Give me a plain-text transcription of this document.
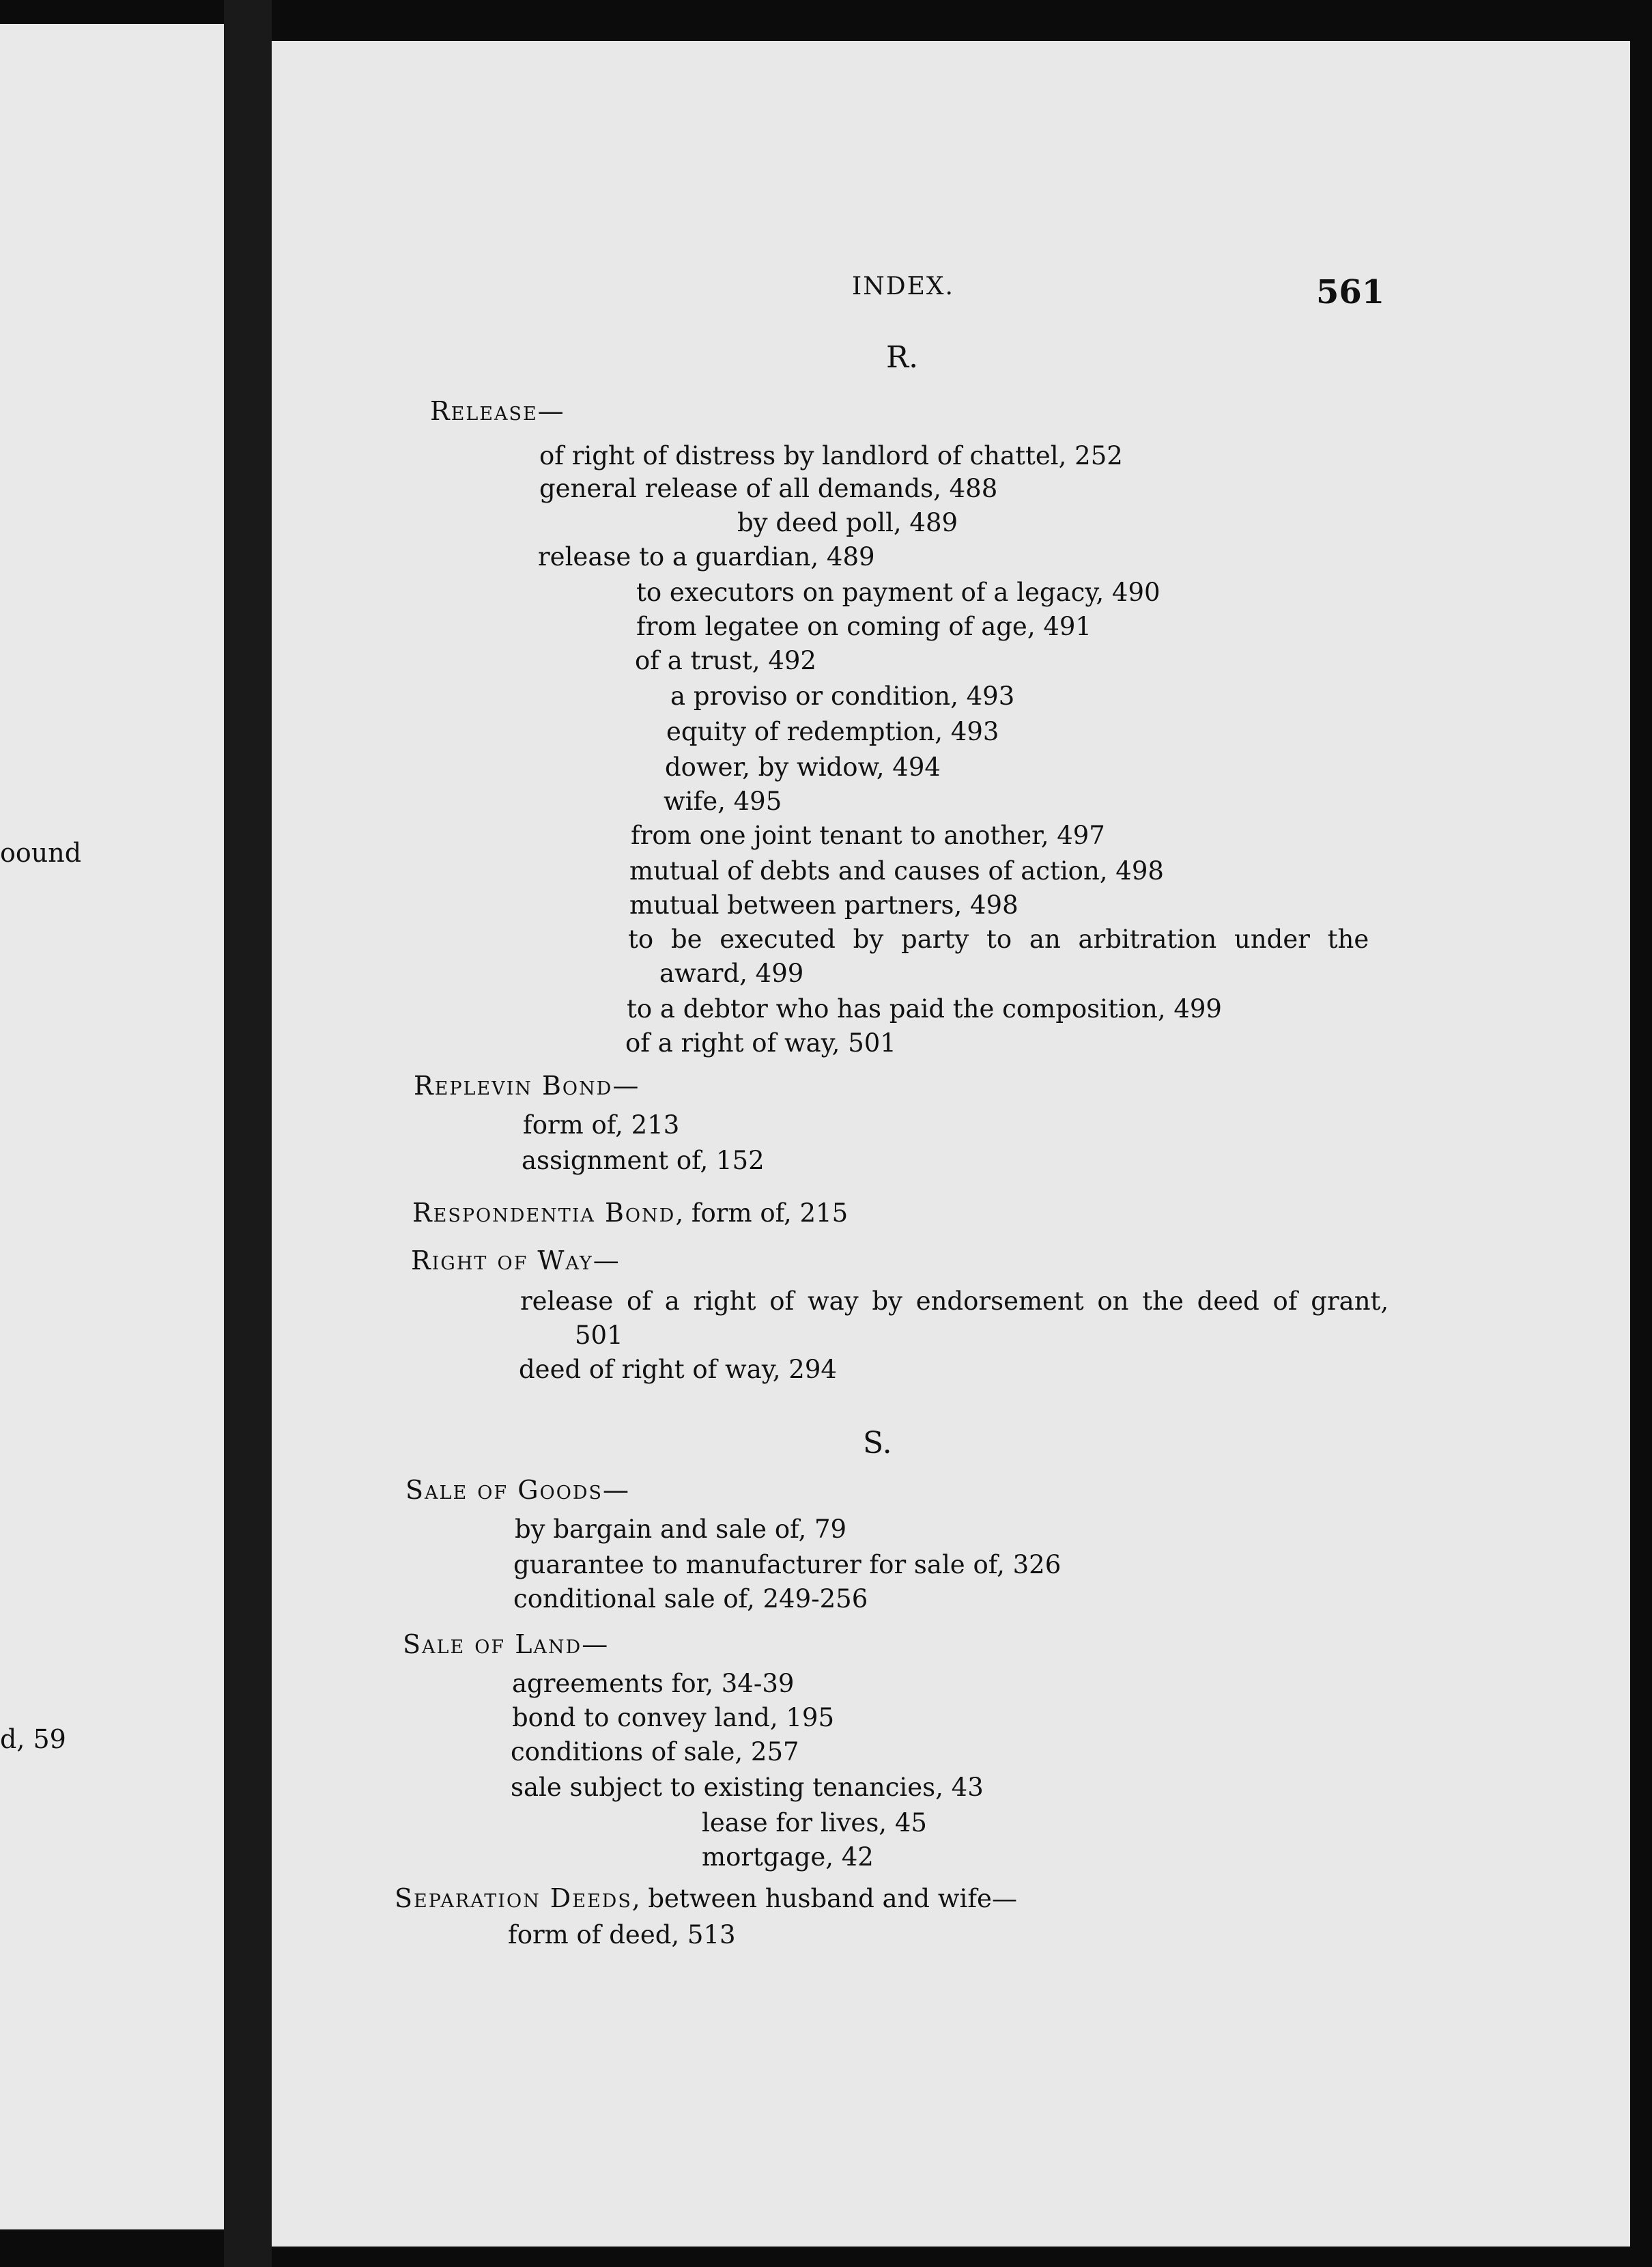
oound
d, 59
INDEX.	561
R.
Release—
of right of distress by landlord of chattel, 252
general release of all demands, 488
by deed poll, 489
release to a guardian, 489
to executors on payment of a legacy, 490
from legatee on coming of age, 491
of a trust, 492
a proviso or condition, 493
equity of redemption, 493
dower, by widow, 494
wife, 495
from one joint tenant to another, 497
mutual of debts and causes of action, 498
mutual between partners, 498
to be executed by party to an arbitration under the
award, 499
to a debtor who has paid the composition, 499
of a right of way, 501
Replevin Bond—
form of, 213
assignment of, 152
Respondentia Bond, form of, 215
Right of Way—
release of a right of way by endorsement on the deed of grant,
501
deed of right of way, 294
S.
Sale of Goods—
by bargain and sale of, 79
guarantee to manufacturer for sale of, 326
conditional sale of, 249-256
Sale of Land—
agreements for, 34-39
bond to convey land, 195
conditions of sale, 257
sale subject to existing tenancies, 43
lease for lives, 45
mortgage, 42
Separation Deeds, between husband and wife—
form of deed, 513
